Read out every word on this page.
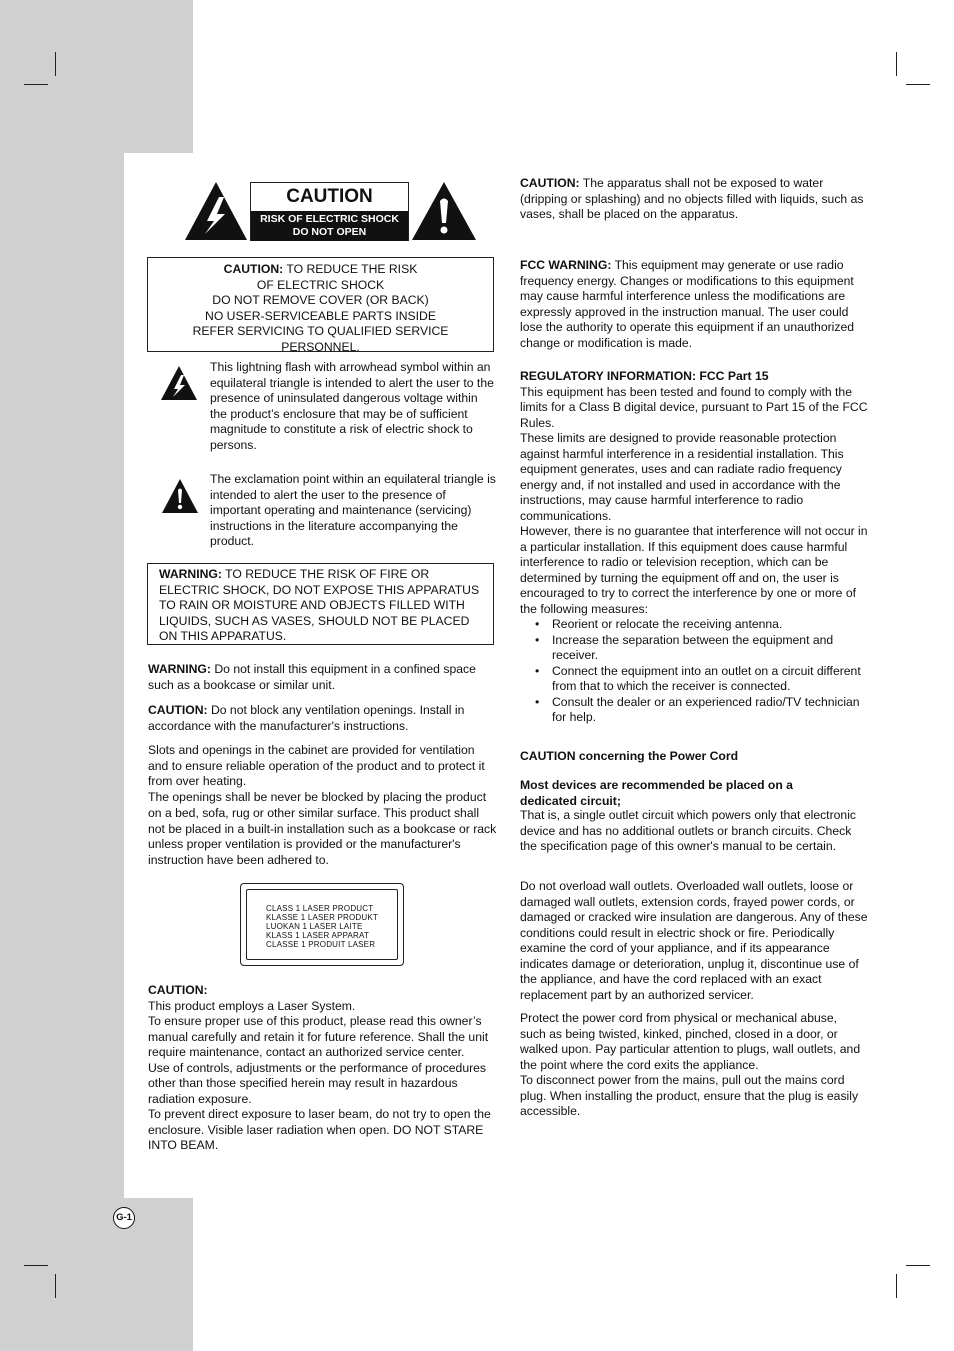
CAUTION
RISK OF ELECTRIC SHOCK
DO NOT OPEN
CAUTION: TO REDUCE THE RISK
OF ELECTRIC SHOCK
DO NOT REMOVE COVER (OR BACK)
NO USER-SERVICEABLE PARTS INSIDE
REFER SERVICING TO QUALIFIED SERVICE
PERSONNEL.

This lightning flash with arrowhead symbol within an equilateral triangle is intended to alert the user to the presence of uninsulated dangerous voltage within the product’s enclosure that may be of sufficient magnitude to constitute a risk of electric shock to persons.

The exclamation point within an equilateral triangle is intended to alert the user to the presence of important operating and maintenance (servicing) instructions in the literature accompanying the product.

WARNING: TO REDUCE THE RISK OF FIRE OR ELECTRIC SHOCK, DO NOT EXPOSE THIS APPARATUS TO RAIN OR MOISTURE AND OBJECTS FILLED WITH LIQUIDS, SUCH AS VASES, SHOULD NOT BE PLACED ON THIS APPARATUS.

WARNING: Do not install this equipment in a confined space such as a bookcase or similar unit.

CAUTION: Do not block any ventilation openings. Install in accordance with the manufacturer's instructions.

Slots and openings in the cabinet are provided for ventilation and to ensure reliable operation of the product and to protect it from over heating.

The openings shall be never be blocked by placing the product on a bed, sofa, rug or other similar surface. This product shall not be placed in a built-in installation such as a bookcase or rack unless proper ventilation is provided or the manufacturer's instruction have been adhered to.

CLASS 1 LASER PRODUCT
KLASSE 1 LASER PRODUKT
LUOKAN 1 LASER LAITE
KLASS 1 LASER APPARAT
CLASSE 1 PRODUIT LASER
CAUTION:
This product employs a Laser System.
To ensure proper use of this product, please read this owner’s manual carefully and retain it for future reference. Shall the unit require maintenance, contact an authorized service center.
Use of controls, adjustments or the performance of procedures other than those specified herein may result in hazardous radiation exposure.
To prevent direct exposure to laser beam, do not try to open the enclosure. Visible laser radiation when open. DO NOT STARE INTO BEAM.

CAUTION: The apparatus shall not be exposed to water (dripping or splashing) and no objects filled with liquids, such as vases, shall be placed on the apparatus.

FCC WARNING: This equipment may generate or use radio frequency energy. Changes or modifications to this equipment may cause harmful interference unless the modifications are expressly approved in the instruction manual. The user could lose the authority to operate this equipment if an unauthorized change or modification is made.

REGULATORY INFORMATION: FCC Part 15
This equipment has been tested and found to comply with the limits for a Class B digital device, pursuant to Part 15 of the FCC Rules.
These limits are designed to provide reasonable protection against harmful interference in a residential installation. This equipment generates, uses and can radiate radio frequency energy and, if not installed and used in accordance with the instructions, may cause harmful interference to radio communications.
However, there is no guarantee that interference will not occur in a particular installation. If this equipment does cause harmful interference to radio or television reception, which can be determined by turning the equipment off and on, the user is encouraged to try to correct the interference by one or more of the following measures:
• Reorient or relocate the receiving antenna.
• Increase the separation between the equipment and receiver.
• Connect the equipment into an outlet on a circuit different from that to which the receiver is connected.
• Consult the dealer or an experienced radio/TV technician for help.

CAUTION concerning the Power Cord

Most devices are recommended be placed on a dedicated circuit;

That is, a single outlet circuit which powers only that electronic device and has no additional outlets or branch circuits. Check the specification page of this owner's manual to be certain.

Do not overload wall outlets. Overloaded wall outlets, loose or damaged wall outlets, extension cords, frayed power cords, or damaged or cracked wire insulation are dangerous. Any of these conditions could result in electric shock or fire. Periodically examine the cord of your appliance, and if its appearance indicates damage or deterioration, unplug it, discontinue use of the appliance, and have the cord replaced with an exact replacement part by an authorized servicer.

Protect the power cord from physical or mechanical abuse, such as being twisted, kinked, pinched, closed in a door, or walked upon. Pay particular attention to plugs, wall outlets, and the point where the cord exits the appliance.

To disconnect power from the mains, pull out the mains cord plug. When installing the product, ensure that the plug is easily accessible.

G-1
